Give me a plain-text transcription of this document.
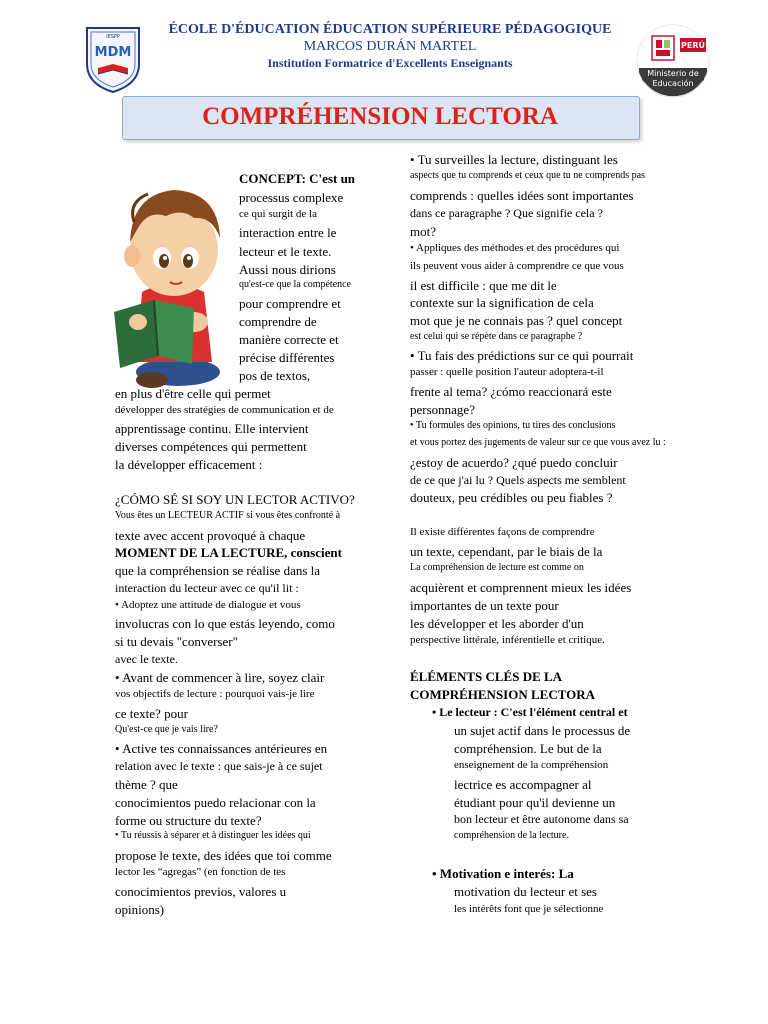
IESPP
MDM
ÉCOLE D'ÉDUCATION ÉDUCATION SUPÉRIEURE PÉDAGOGIQUE
MARCOS DURÁN MARTEL
Institution Formatrice d'Excellents Enseignants
PERÚ
Ministerio de
Educación
COMPRÉHENSION LECTORA
CONCEPT: C'est un
processus complexe
ce qui surgit de la
interaction entre le
lecteur et le texte.
Aussi nous dirions
qu'est-ce que la compétence
pour comprendre et
comprendre de
manière correcte et
précise différentes
pos de textos,
en plus d'être celle qui permet
développer des stratégies de communication et de
apprentissage continu. Elle intervient
diverses compétences qui permettent
la développer efficacement :
¿CÓMO SÉ SI SOY UN LECTOR ACTIVO?
Vous êtes un LECTEUR ACTIF si vous êtes confronté à
texte avec accent provoqué à chaque
MOMENT DE LA LECTURE, conscient
que la compréhension se réalise dans la
interaction du lecteur avec ce qu'il lit :
• Adoptez une attitude de dialogue et vous
involucras con lo que estás leyendo, como
si tu devais "converser"
avec le texte.
• Avant de commencer à lire, soyez clair
vos objectifs de lecture : pourquoi vais-je lire
ce texte? pour
Qu'est-ce que je vais lire?
• Active tes connaissances antérieures en
relation avec le texte : que sais-je à ce sujet
thème ? que
conocimientos puedo relacionar con la
forme ou structure du texte?
• Tu réussis à séparer et à distinguer les idées qui
propose le texte, des idées que toi comme
lector les “agregas” (en fonction de tes
conocimientos previos, valores u
opinions)
• Tu surveilles la lecture, distinguant les
aspects que tu comprends et ceux que tu ne comprends pas
comprends : quelles idées sont importantes
dans ce paragraphe ? Que signifie cela ?
mot?
• Appliques des méthodes et des procédures qui
ils peuvent vous aider à comprendre ce que vous
il est difficile : que me dit le
contexte sur la signification de cela
mot que je ne connais pas ? quel concept
est celui qui se répète dans ce paragraphe ?
• Tu fais des prédictions sur ce qui pourrait
passer : quelle position l'auteur adoptera-t-il
frente al tema? ¿cómo reaccionará este
personnage?
• Tu formules des opinions, tu tires des conclusions
et vous portez des jugements de valeur sur ce que vous avez lu :
¿estoy de acuerdo? ¿qué puedo concluir
de ce que j'ai lu ? Quels aspects me semblent
douteux, peu crédibles ou peu fiables ?
Il existe différentes façons de comprendre
un texte, cependant, par le biais de la
La compréhension de lecture est comme on
acquièrent et comprennent mieux les idées
importantes de un texte pour
les développer et les aborder d'un
perspective littérale, inférentielle et critique.
ÉLÉMENTS CLÉS DE LA
COMPRÉHENSION LECTORA
• Le lecteur : C'est l'élément central et
un sujet actif dans le processus de
compréhension. Le but de la
enseignement de la compréhension
lectrice es accompagner al
étudiant pour qu'il devienne un
bon lecteur et être autonome dans sa
compréhension de la lecture.
• Motivation e interés: La
motivation du lecteur et ses
les intérêts font que je sélectionne
